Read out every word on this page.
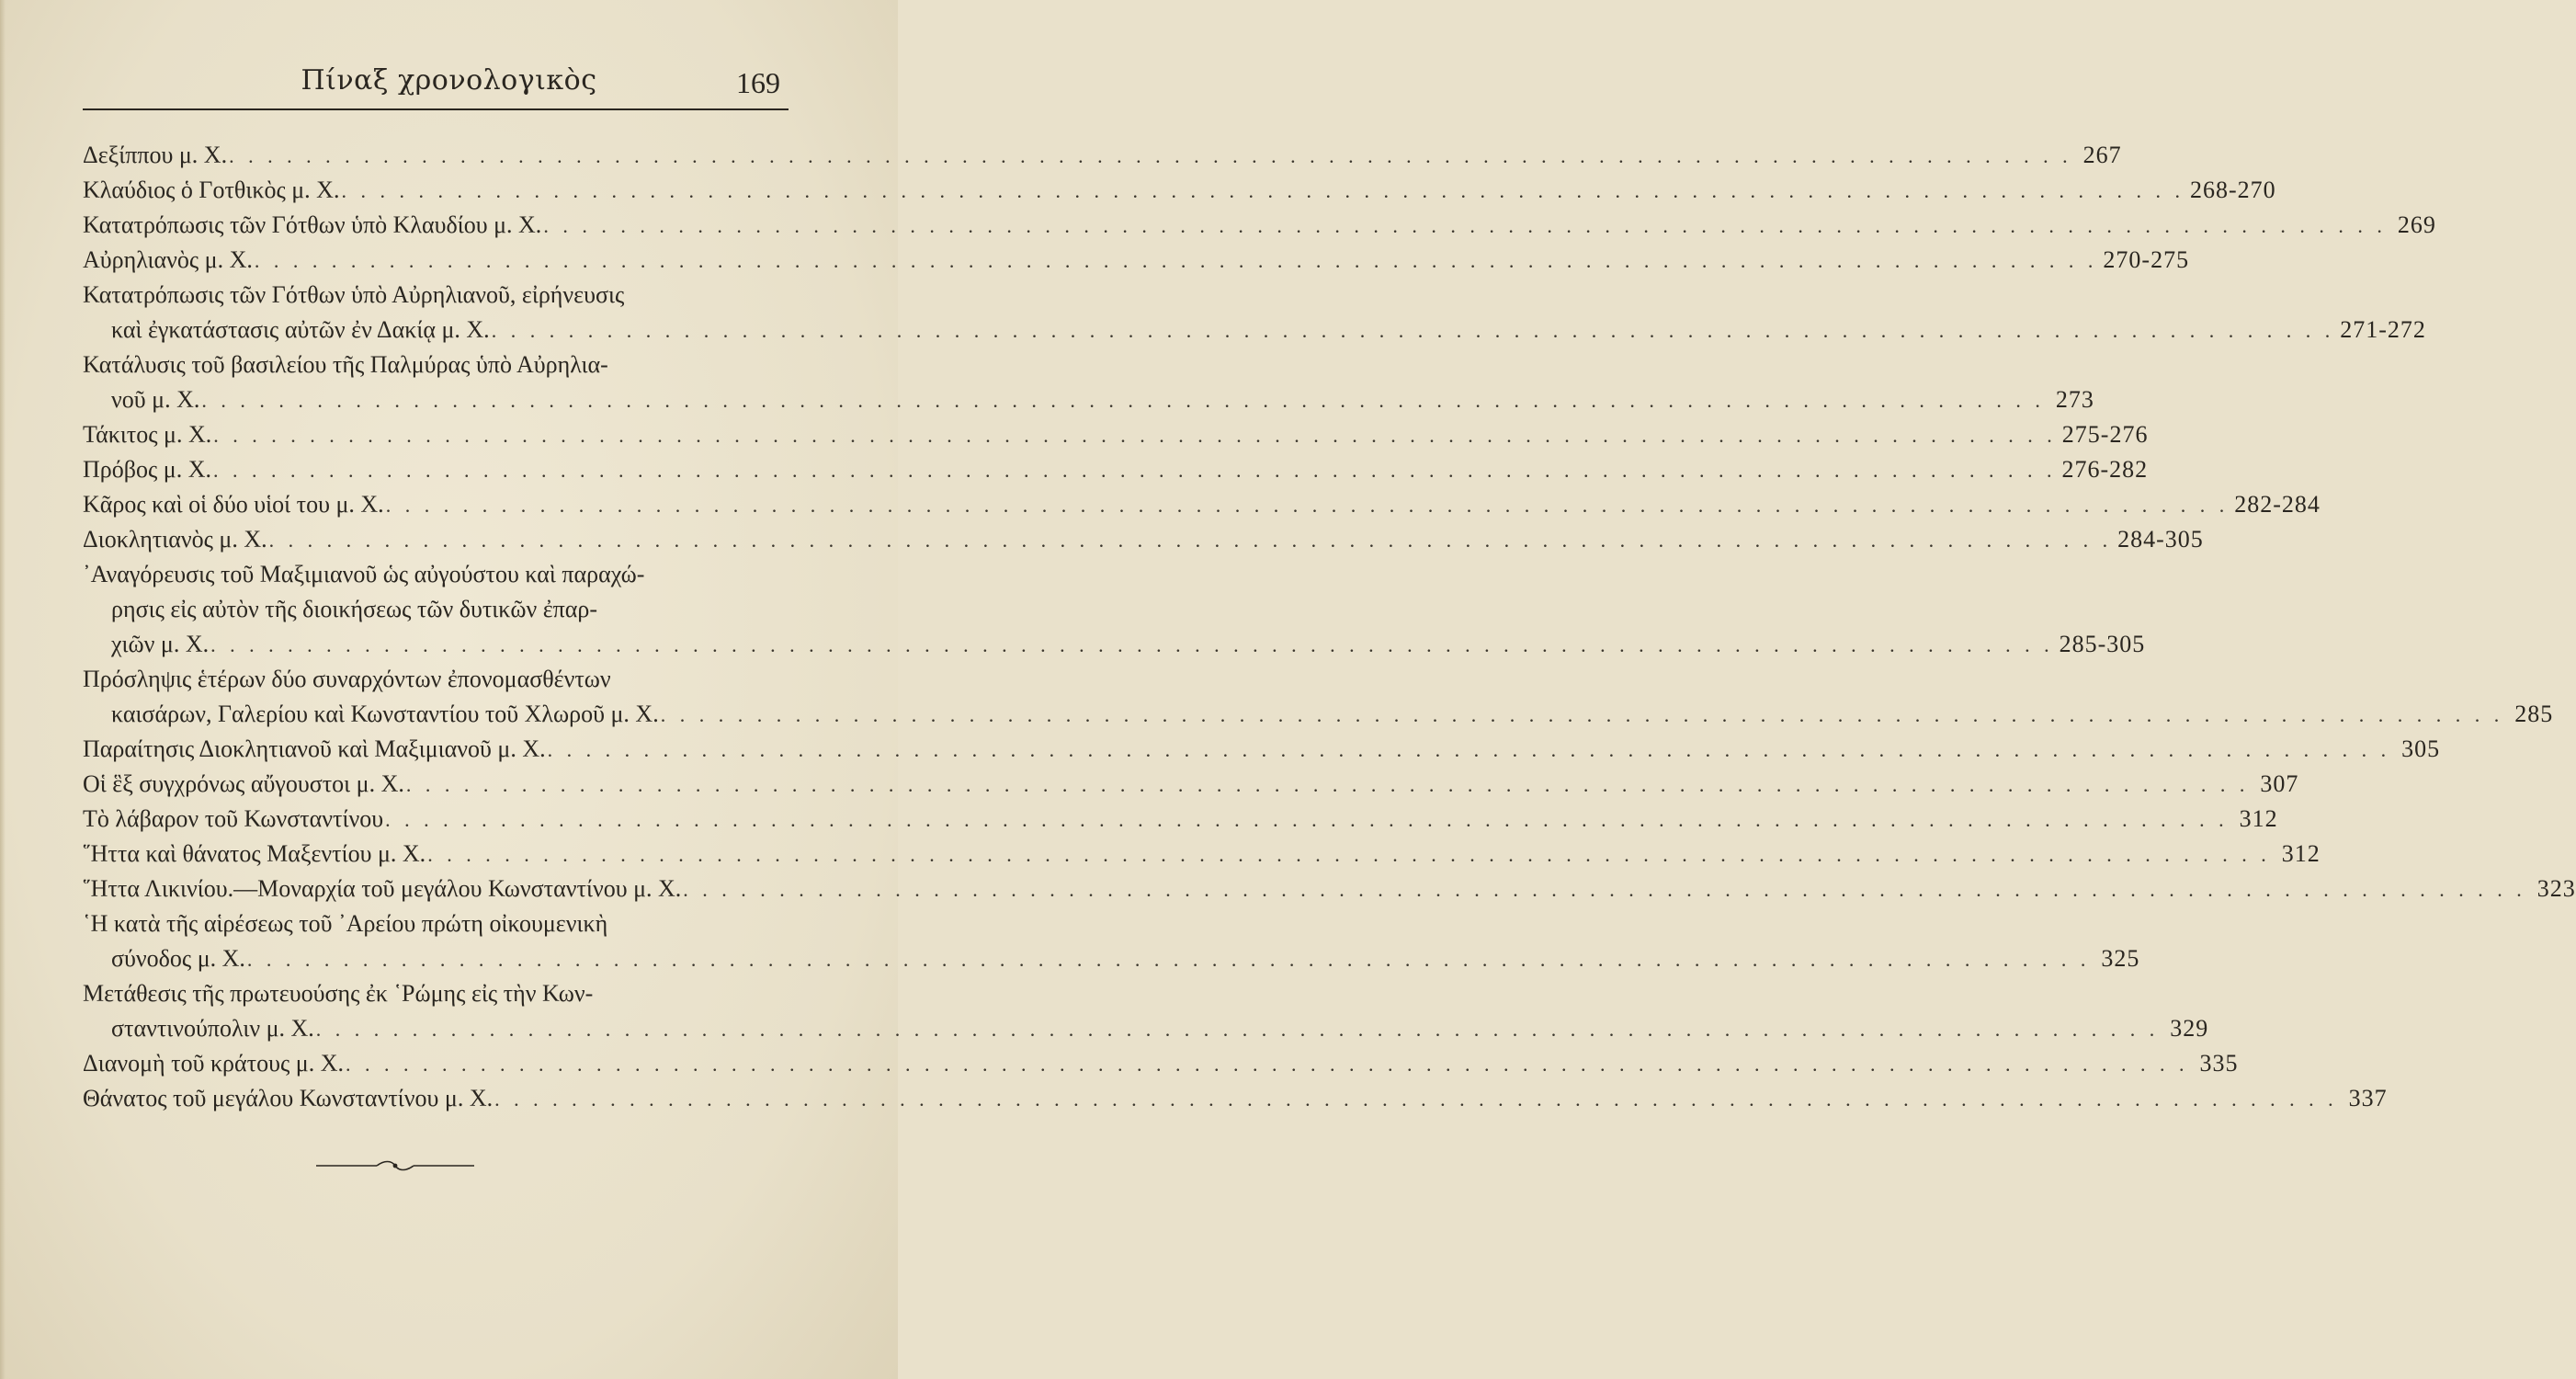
Πίναξ χρονολογικὸς	169
Δεξίππου μ. Χ. . . . . . . . . . . . . . . . . . . . . . . . . . . . . . . . . . . . . . . . . . . . . . . . . . . . . . . . . . . . . . . . . . . . . . . . . . . . . . . . . . . . . . . . . . . . . . . . . 267
Κλαύδιος ὁ Γοτθικὸς μ. Χ. . . . . . . . . . . . . . . . . . . . . . . . . . . . . . . . . . . . . . . . . . . . . . . . . . . . . . . . . . . . . . . . . . . . . . . . . . . . . . . . . . . . . . . . . . . . . . . . . 268-270
Κατατρόπωσις τῶν Γότθων ὑπὸ Κλαυδίου μ. Χ. . . . . . . . . . . . . . . . . . . . . . . . . . . . . . . . . . . . . . . . . . . . . . . . . . . . . . . . . . . . . . . . . . . . . . . . . . . . . . . . . . . . . . . . . . . . . . . . . 269
Αὐρηλιανὸς μ. Χ. . . . . . . . . . . . . . . . . . . . . . . . . . . . . . . . . . . . . . . . . . . . . . . . . . . . . . . . . . . . . . . . . . . . . . . . . . . . . . . . . . . . . . . . . . . . . . . . . 270-275
Κατατρόπωσις τῶν Γότθων ὑπὸ Αὐρηλιανοῦ, εἰρήνευσις
καὶ ἐγκατάστασις αὐτῶν ἐν Δακίᾳ μ. Χ. . . . . . . . . . . . . . . . . . . . . . . . . . . . . . . . . . . . . . . . . . . . . . . . . . . . . . . . . . . . . . . . . . . . . . . . . . . . . . . . . . . . . . . . . . . . . . . . . 271-272
Κατάλυσις τοῦ βασιλείου τῆς Παλμύρας ὑπὸ Αὐρηλια-
νοῦ μ. Χ. . . . . . . . . . . . . . . . . . . . . . . . . . . . . . . . . . . . . . . . . . . . . . . . . . . . . . . . . . . . . . . . . . . . . . . . . . . . . . . . . . . . . . . . . . . . . . . . . 273
Τάκιτος μ. Χ. . . . . . . . . . . . . . . . . . . . . . . . . . . . . . . . . . . . . . . . . . . . . . . . . . . . . . . . . . . . . . . . . . . . . . . . . . . . . . . . . . . . . . . . . . . . . . . . . 275-276
Πρόβος μ. Χ. . . . . . . . . . . . . . . . . . . . . . . . . . . . . . . . . . . . . . . . . . . . . . . . . . . . . . . . . . . . . . . . . . . . . . . . . . . . . . . . . . . . . . . . . . . . . . . . . 276-282
Κᾶρος καὶ οἱ δύο υἱοί του μ. Χ. . . . . . . . . . . . . . . . . . . . . . . . . . . . . . . . . . . . . . . . . . . . . . . . . . . . . . . . . . . . . . . . . . . . . . . . . . . . . . . . . . . . . . . . . . . . . . . . . 282-284
Διοκλητιανὸς μ. Χ. . . . . . . . . . . . . . . . . . . . . . . . . . . . . . . . . . . . . . . . . . . . . . . . . . . . . . . . . . . . . . . . . . . . . . . . . . . . . . . . . . . . . . . . . . . . . . . . . 284-305
᾿Αναγόρευσις τοῦ Μαξιμιανοῦ ὡς αὐγούστου καὶ παραχώ-
ρησις εἰς αὐτὸν τῆς διοικήσεως τῶν δυτικῶν ἐπαρ-
χιῶν μ. Χ. . . . . . . . . . . . . . . . . . . . . . . . . . . . . . . . . . . . . . . . . . . . . . . . . . . . . . . . . . . . . . . . . . . . . . . . . . . . . . . . . . . . . . . . . . . . . . . . . 285-305
Πρόσληψις ἑτέρων δύο συναρχόντων ἐπονομασθέντων
καισάρων, Γαλερίου καὶ Κωνσταντίου τοῦ Χλωροῦ μ. Χ. . . . . . . . . . . . . . . . . . . . . . . . . . . . . . . . . . . . . . . . . . . . . . . . . . . . . . . . . . . . . . . . . . . . . . . . . . . . . . . . . . . . . . . . . . . . . . . . . 285
Παραίτησις Διοκλητιανοῦ καὶ Μαξιμιανοῦ μ. Χ. . . . . . . . . . . . . . . . . . . . . . . . . . . . . . . . . . . . . . . . . . . . . . . . . . . . . . . . . . . . . . . . . . . . . . . . . . . . . . . . . . . . . . . . . . . . . . . . . 305
Οἱ ἓξ συγχρόνως αὔγουστοι μ. Χ. . . . . . . . . . . . . . . . . . . . . . . . . . . . . . . . . . . . . . . . . . . . . . . . . . . . . . . . . . . . . . . . . . . . . . . . . . . . . . . . . . . . . . . . . . . . . . . . . 307
Τὸ λάβαρον τοῦ Κωνσταντίνου . . . . . . . . . . . . . . . . . . . . . . . . . . . . . . . . . . . . . . . . . . . . . . . . . . . . . . . . . . . . . . . . . . . . . . . . . . . . . . . . . . . . . . . . . . . . . . . . 312
῞Ηττα καὶ θάνατος Μαξεντίου μ. Χ. . . . . . . . . . . . . . . . . . . . . . . . . . . . . . . . . . . . . . . . . . . . . . . . . . . . . . . . . . . . . . . . . . . . . . . . . . . . . . . . . . . . . . . . . . . . . . . . . 312
῞Ηττα Λικινίου.—Μοναρχία τοῦ μεγάλου Κωνσταντίνου μ. Χ. . . . . . . . . . . . . . . . . . . . . . . . . . . . . . . . . . . . . . . . . . . . . . . . . . . . . . . . . . . . . . . . . . . . . . . . . . . . . . . . . . . . . . . . . . . . . . . . . 323
῾Η κατὰ τῆς αἱρέσεως τοῦ ᾿Αρείου πρώτη οἰκουμενικὴ
σύνοδος μ. Χ. . . . . . . . . . . . . . . . . . . . . . . . . . . . . . . . . . . . . . . . . . . . . . . . . . . . . . . . . . . . . . . . . . . . . . . . . . . . . . . . . . . . . . . . . . . . . . . . . 325
Μετάθεσις τῆς πρωτευούσης ἐκ ῾Ρώμης εἰς τὴν Κων-
σταντινούπολιν μ. Χ. . . . . . . . . . . . . . . . . . . . . . . . . . . . . . . . . . . . . . . . . . . . . . . . . . . . . . . . . . . . . . . . . . . . . . . . . . . . . . . . . . . . . . . . . . . . . . . . . 329
Διανομὴ τοῦ κράτους μ. Χ. . . . . . . . . . . . . . . . . . . . . . . . . . . . . . . . . . . . . . . . . . . . . . . . . . . . . . . . . . . . . . . . . . . . . . . . . . . . . . . . . . . . . . . . . . . . . . . . . 335
Θάνατος τοῦ μεγάλου Κωνσταντίνου μ. Χ. . . . . . . . . . . . . . . . . . . . . . . . . . . . . . . . . . . . . . . . . . . . . . . . . . . . . . . . . . . . . . . . . . . . . . . . . . . . . . . . . . . . . . . . . . . . . . . . . 337
